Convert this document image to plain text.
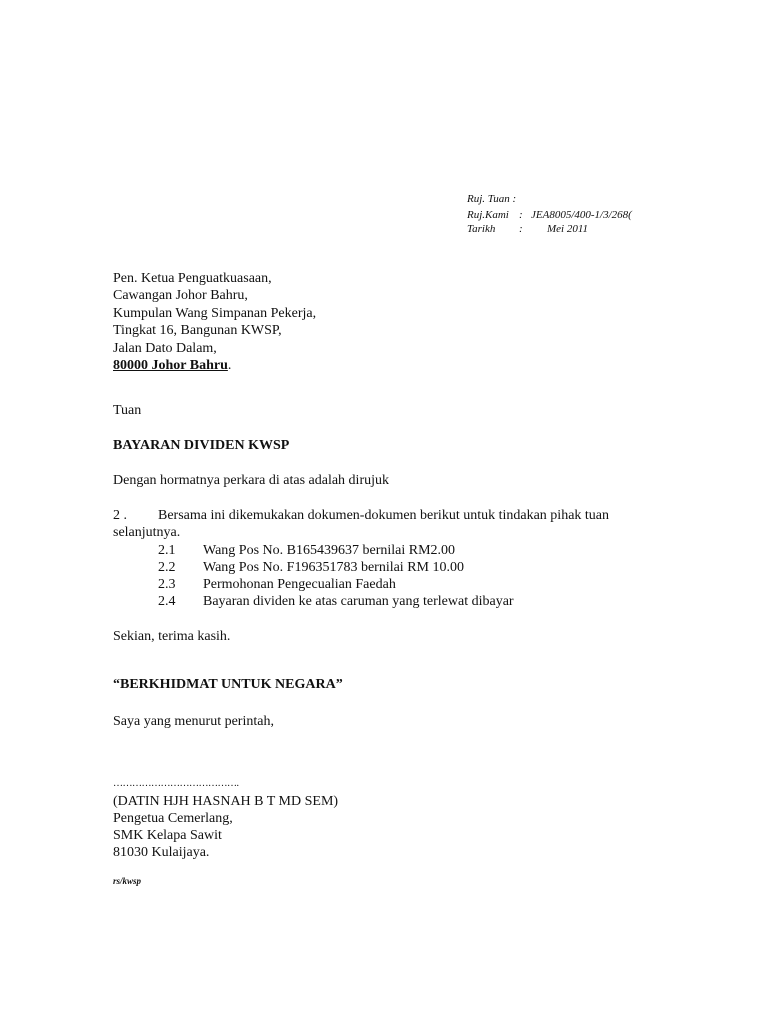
Ruj. Tuan :
Ruj.Kami : JEA8005/400-1/3/268(
Tarikh : Mei 2011
Pen. Ketua Penguatkuasaan,
Cawangan Johor Bahru,
Kumpulan Wang Simpanan Pekerja,
Tingkat 16, Bangunan KWSP,
Jalan Dato Dalam,
80000 Johor Bahru.
Tuan
BAYARAN DIVIDEN KWSP
Dengan hormatnya perkara di atas adalah dirujuk
2 . Bersama ini dikemukakan dokumen-dokumen berikut untuk tindakan pihak tuan
selanjutnya.
2.1 Wang Pos No. B165439637 bernilai RM2.00
2.2 Wang Pos No. F196351783 bernilai RM 10.00
2.3 Permohonan Pengecualian Faedah
2.4 Bayaran dividen ke atas caruman yang terlewat dibayar
Sekian, terima kasih.
“BERKHIDMAT UNTUK NEGARA”
Saya yang menurut perintah,
………………………………….
(DATIN HJH HASNAH B T MD SEM)
Pengetua Cemerlang,
SMK Kelapa Sawit
81030 Kulaijaya.
rs/kwsp
